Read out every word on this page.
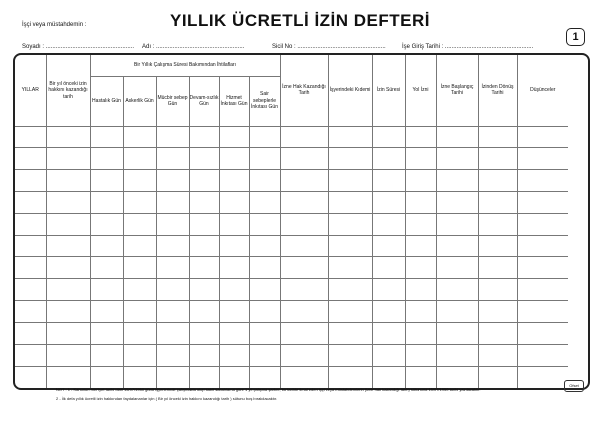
İşçi veya müstahdemin :	YILLIK ÜCRETLİ İZİN DEFTERİ
1
Soyadı : ..................................................... Adı : .....................................................	Sicil No : .....................................................	İşe Giriş Tarihi : .....................................................
YILLAR	Bir yıl önceki izin hakkını kazandığı tarih	Bir Yıllık Çalışma Süresi Bakımından İhtilafları						İzne Hak Kazandığı Tarih	İşyerindeki Kıdemi	İzin Süresi	Yol İzni	İzne Başlangıç Tarihi	İzinden Dönüş Tarihi	Düşünceler
		Hastalık Gün	Askerlik Gün	Mücbir sebep Gün	Devam-sızlık Gün	Hizmet İnkıtası Gün	Sair sebeplerle İnkıtası Gün							

NOT : 1 - Kanunun mer'iyet tarihi olan 15/07/1950 günü işyerlerinde çalışmakta olup sabit sabahlama göre 1 yıl çalışma şartını, bu tarihte ilmal eden işçi veya müstahdemlerin (izne hak kazandığı tarih) sütununa 15/07/1950 tarihi yazılacaktır.

2 - İlk defa yıllık ücretli izin hakkından faydalananlar için ( Bir yıl önceki izin hakkını kazandığı tarih ) sütunu boş bırakılacaktır.

Ofset
